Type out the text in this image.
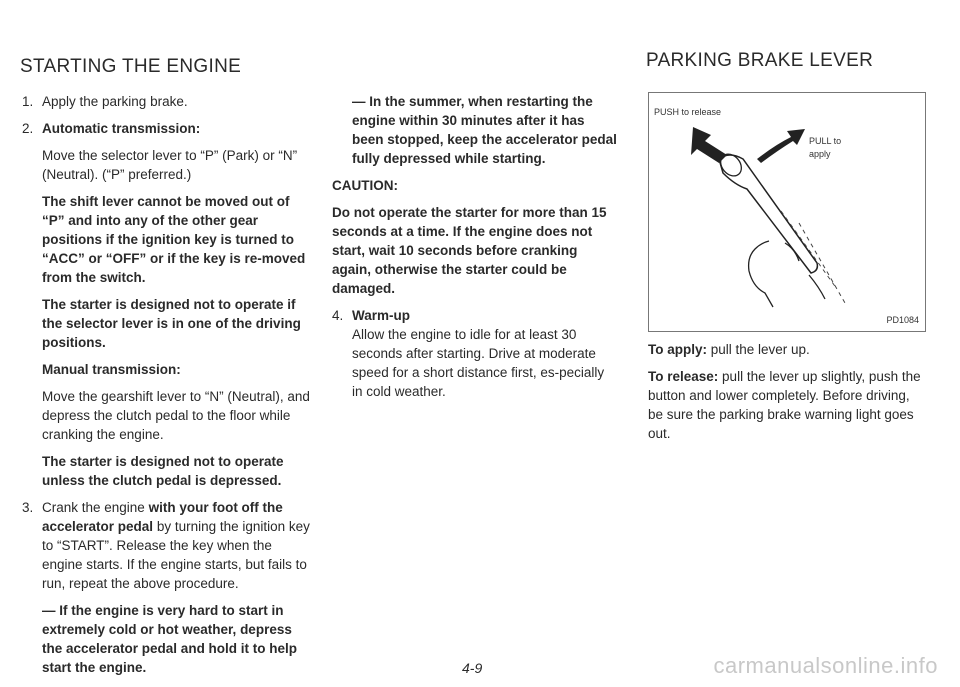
STARTING THE ENGINE	PARKING BRAKE LEVER
1. Apply the parking brake.

2. Automatic transmission:

Move the selector lever to “P” (Park) or “N” (Neutral). (“P” preferred.)

The shift lever cannot be moved out of “P” and into any of the other gear positions if the ignition key is turned to “ACC” or “OFF” or if the key is re-moved from the switch.

The starter is designed not to operate if the selector lever is in one of the driving positions.

Manual transmission:

Move the gearshift lever to “N” (Neutral), and depress the clutch pedal to the floor while cranking the engine.

The starter is designed not to operate unless the clutch pedal is depressed.

3. Crank the engine with your foot off the accelerator pedal by turning the ignition key to “START”. Release the key when the engine starts. If the engine starts, but fails to run, repeat the above procedure.

— If the engine is very hard to start in extremely cold or hot weather, depress the accelerator pedal and hold it to help start the engine.

— In the summer, when restarting the engine within 30 minutes after it has been stopped, keep the accelerator pedal fully depressed while starting.

CAUTION:

Do not operate the starter for more than 15 seconds at a time. If the engine does not start, wait 10 seconds before cranking again, otherwise the starter could be damaged.

4. Warm-up

Allow the engine to idle for at least 30 seconds after starting. Drive at moderate speed for a short distance first, es-pecially in cold weather.

PUSH to release
PULL to apply
PD1084

To apply: pull the lever up.

To release: pull the lever up slightly, push the button and lower completely. Before driving, be sure the parking brake warning light goes out.

4-9	carmanualsonline.info
